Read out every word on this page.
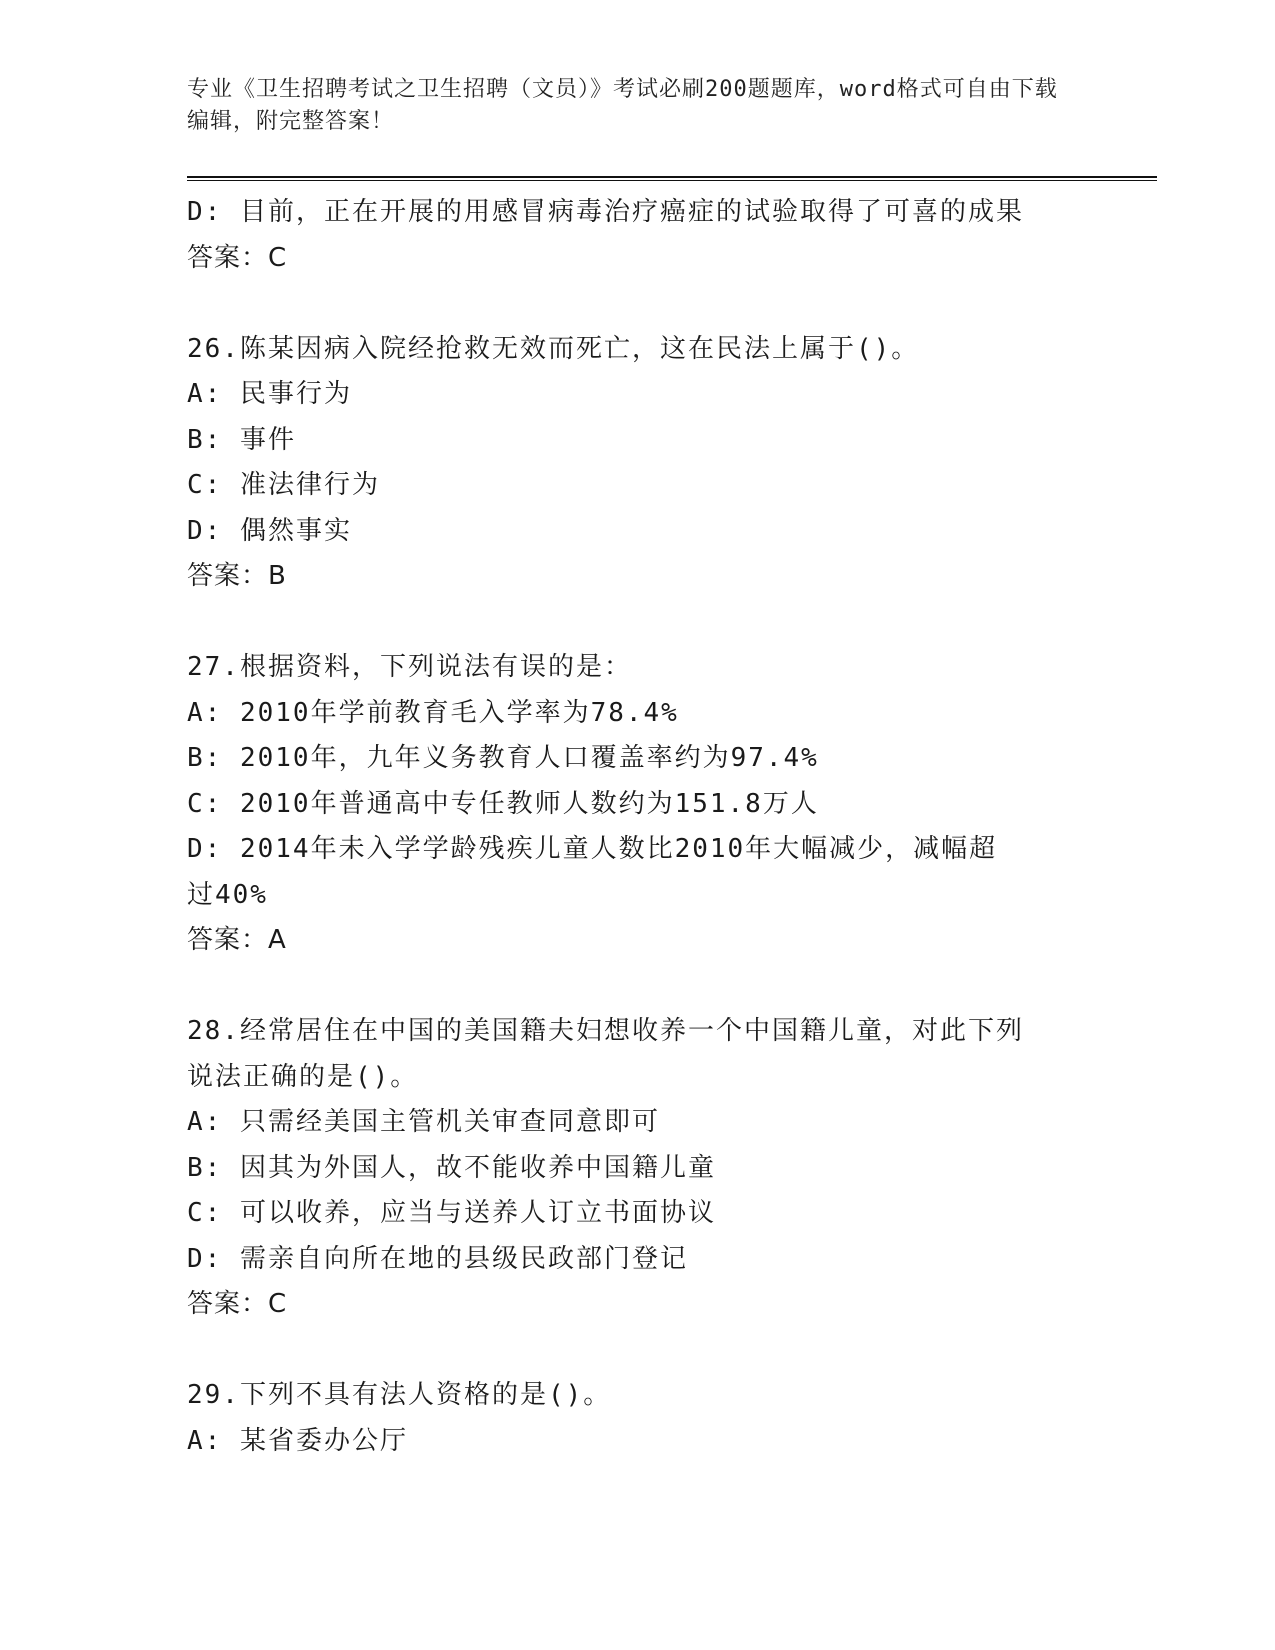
专业《卫生招聘考试之卫生招聘（文员）》考试必刷200题题库，word格式可自由下载编辑，附完整答案！
D: 目前，正在开展的用感冒病毒治疗癌症的试验取得了可喜的成果
答案：C
26.陈某因病入院经抢救无效而死亡，这在民法上属于()。
A: 民事行为
B: 事件
C: 准法律行为
D: 偶然事实
答案：B
27.根据资料，下列说法有误的是：
A: 2010年学前教育毛入学率为78.4%
B: 2010年，九年义务教育人口覆盖率约为97.4%
C: 2010年普通高中专任教师人数约为151.8万人
D: 2014年未入学学龄残疾儿童人数比2010年大幅减少，减幅超过40%
答案：A
28.经常居住在中国的美国籍夫妇想收养一个中国籍儿童，对此下列说法正确的是()。
A: 只需经美国主管机关审查同意即可
B: 因其为外国人，故不能收养中国籍儿童
C: 可以收养，应当与送养人订立书面协议
D: 需亲自向所在地的县级民政部门登记
答案：C
29.下列不具有法人资格的是()。
A: 某省委办公厅
